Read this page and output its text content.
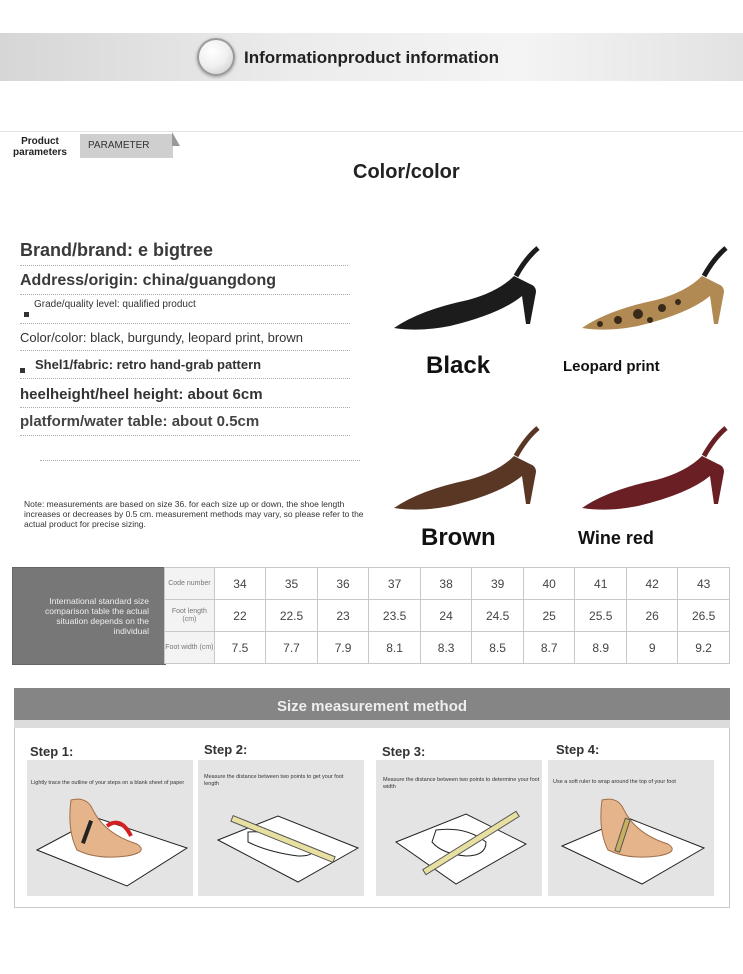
Informationproduct information
Product parameters
PARAMETER
Color/color
Brand/brand: e bigtree
Address/origin: china/guangdong
Grade/quality level: qualified product
Color/color: black, burgundy, leopard print, brown
Shel1/fabric: retro hand-grab pattern
heelheight/heel height: about 6cm
platform/water table: about 0.5cm
Note: measurements are based on size 36. for each size up or down, the shoe length increases or decreases by 0.5 cm. measurement methods may vary, so please refer to the actual product for precise sizing.
Black	Leopard print
Brown	Wine red
International standard size comparison table the actual situation depends on the individual
Code number	34	35	36	37	38	39	40	41	42	43
Foot length (cm)	22	22.5	23	23.5	24	24.5	25	25.5	26	26.5
Foot width (cm)	7.5	7.7	7.9	8.1	8.3	8.5	8.7	8.9	9	9.2
Size measurement method
Step 1:
Lightly trace the outline of your steps on a blank sheet of paper
Step 2:
Measure the distance between two points to get your foot length
Step 3:
Measure the distance between two points to determine your foot width
Step 4:
Use a soft ruler to wrap around the top of your foot
